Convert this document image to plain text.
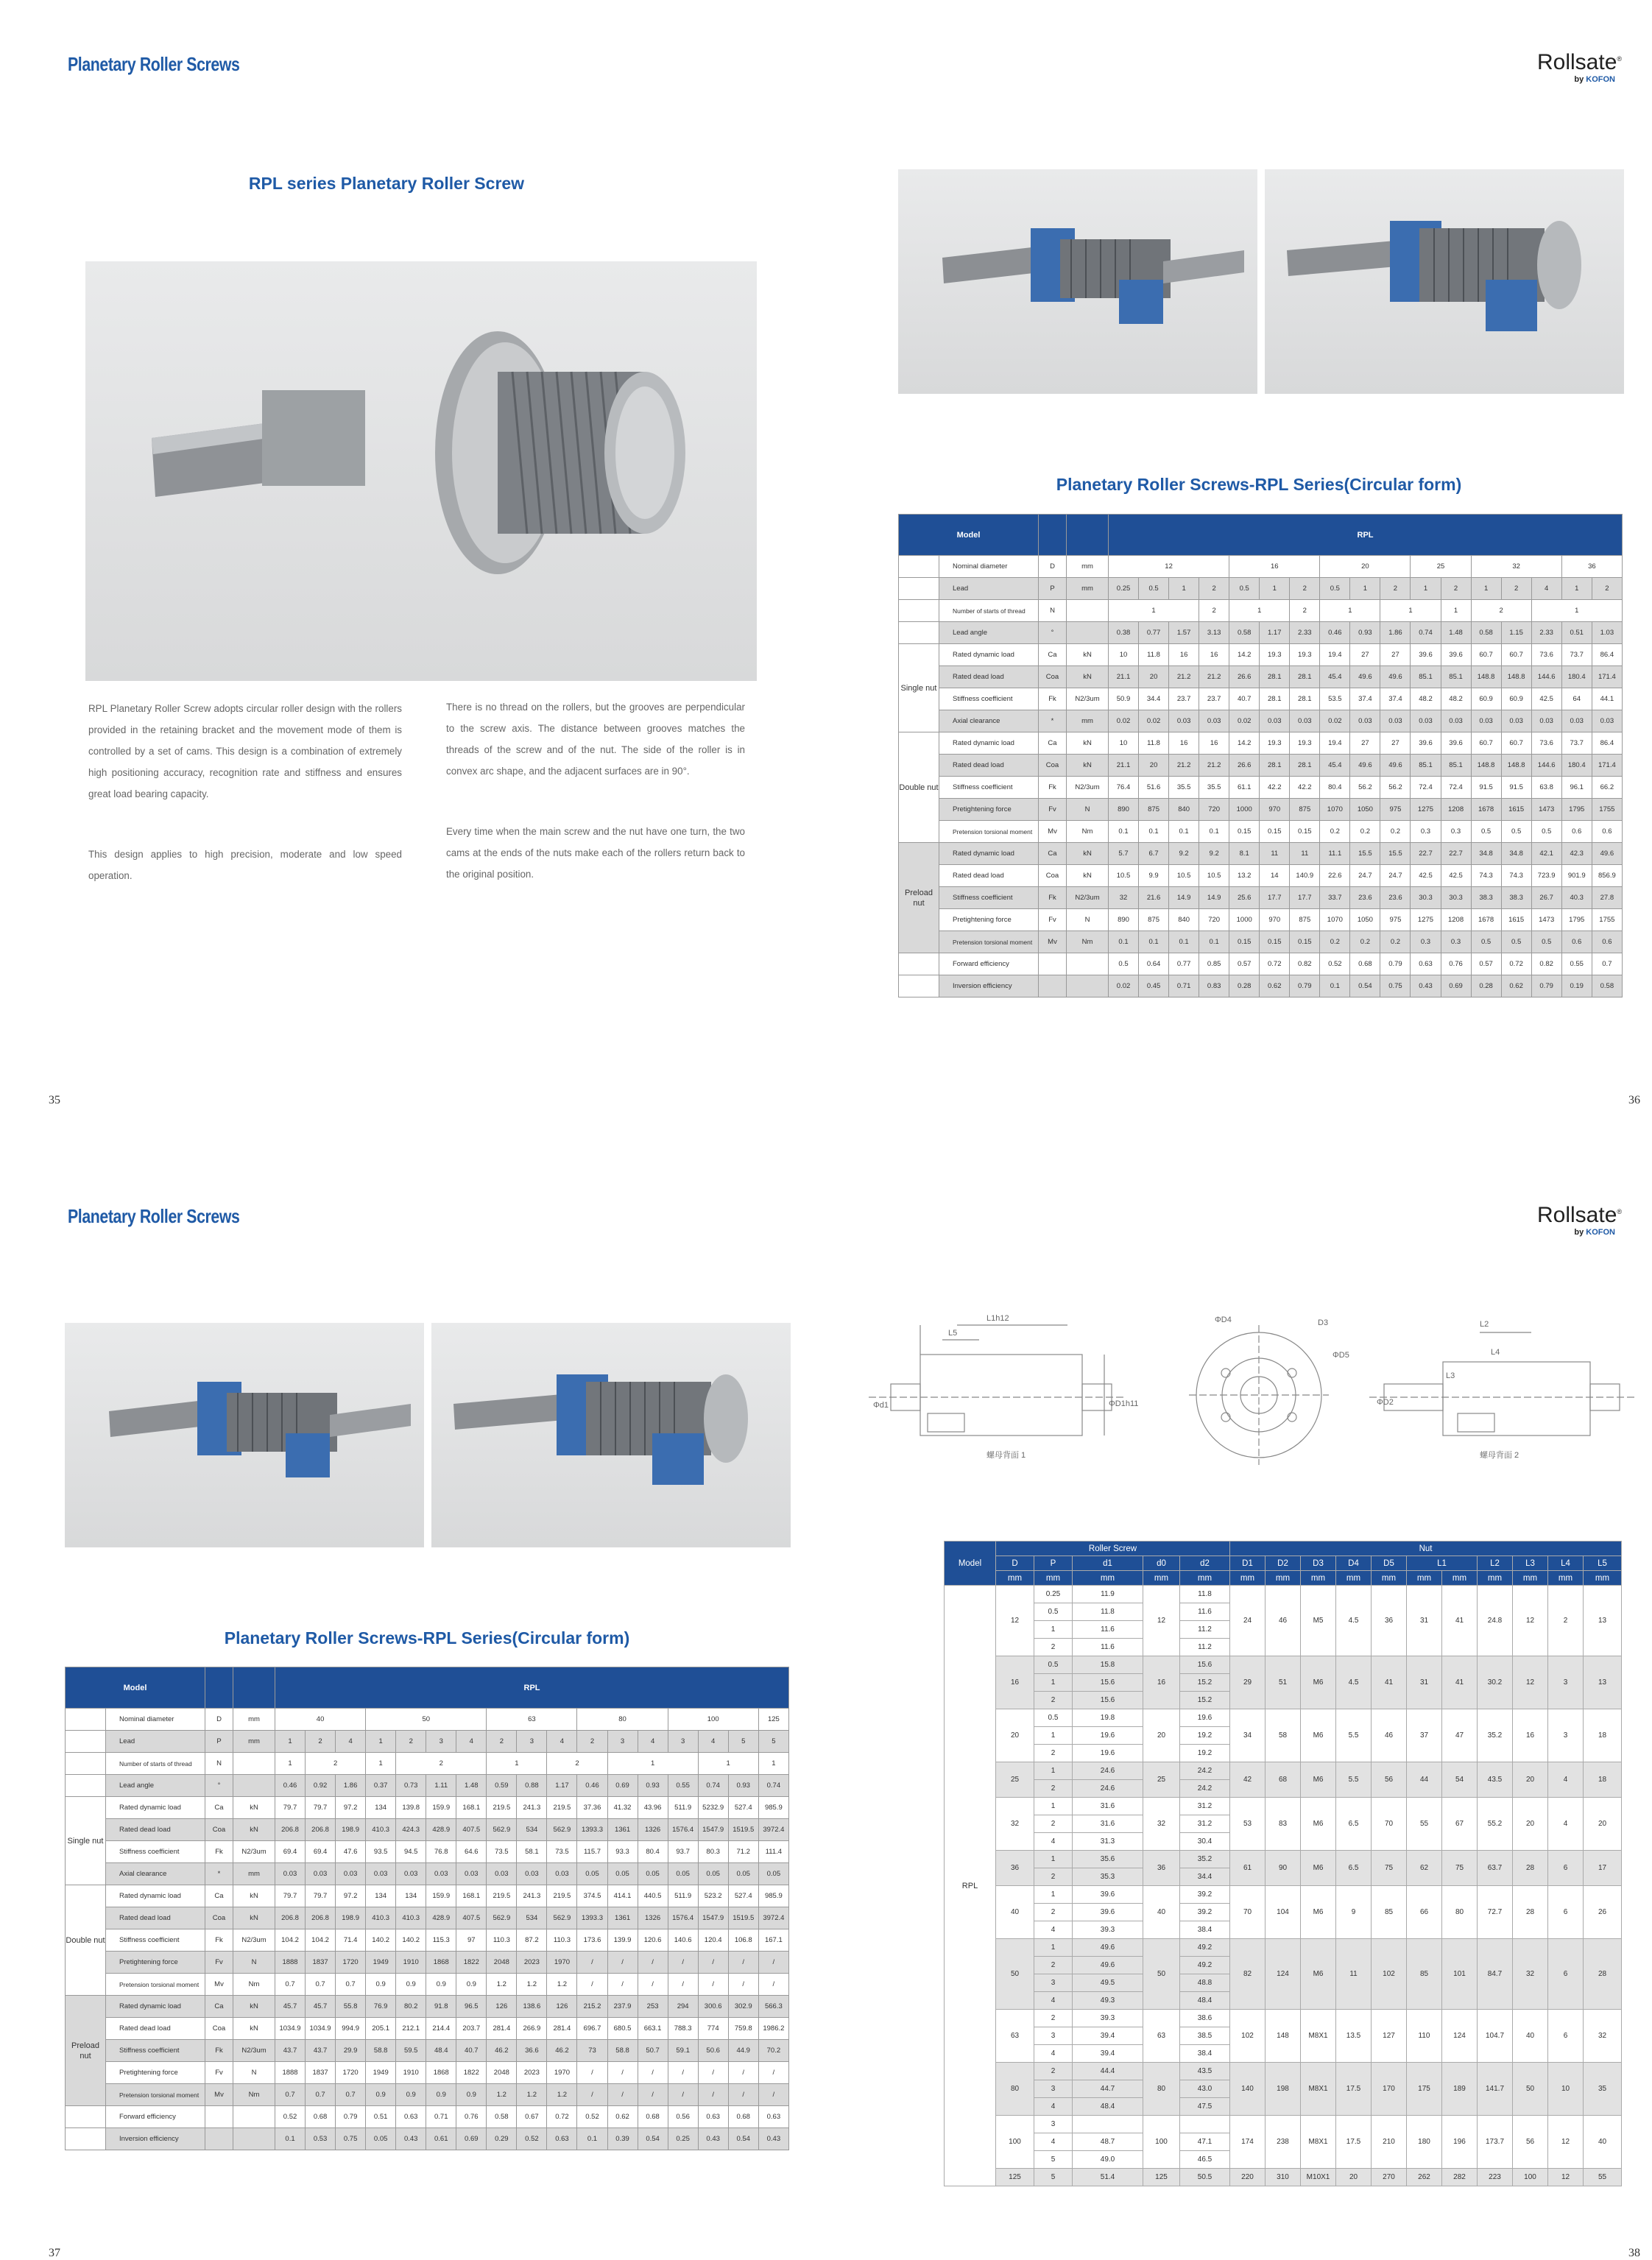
Planetary Roller Screws
RPL series Planetary Roller Screw
RPL Planetary Roller Screw adopts circular roller design with the rollers provided in the retaining bracket and the movement mode of them is controlled by a set of cams. This design is a combination of extremely high positioning accuracy, recognition rate and stiffness and ensures great load bearing capacity.
This design applies to high precision, moderate and low speed operation.
There is no thread on the rollers, but the grooves are perpendicular to the screw axis. The distance between grooves matches the threads of the screw and of the nut. The side of the roller is in convex arc shape, and the adjacent surfaces are in 90°.
Every time when the main screw and the nut have one turn, the two cams at the ends of the nuts make each of the rollers return back to the original position.
35
Rollsate®
by KOFON
Planetary Roller Screws-RPL Series(Circular form)
Model				RPL																
	Nominal diameter	D	mm	12				16			20			25		32			36	
	Lead	P	mm	0.25	0.5	1	2	0.5	1	2	0.5	1	2	1	2	1	2	4	1	2
	Number of starts of thread	N		1			2	1		2	1		1		1	2		1		
	Lead angle	°		0.38	0.77	1.57	3.13	0.58	1.17	2.33	0.46	0.93	1.86	0.74	1.48	0.58	1.15	2.33	0.51	1.03
Single nut	Rated dynamic load	Ca	kN	10	11.8	16	16	14.2	19.3	19.3	19.4	27	27	39.6	39.6	60.7	60.7	73.6	73.7	86.4
	Rated dead load	Coa	kN	21.1	20	21.2	21.2	26.6	28.1	28.1	45.4	49.6	49.6	85.1	85.1	148.8	148.8	144.6	180.4	171.4
	Stiffness coefficient	Fk	N2/3um	50.9	34.4	23.7	23.7	40.7	28.1	28.1	53.5	37.4	37.4	48.2	48.2	60.9	60.9	42.5	64	44.1
	Axial clearance	*	mm	0.02	0.02	0.03	0.03	0.02	0.03	0.03	0.02	0.03	0.03	0.03	0.03	0.03	0.03	0.03	0.03	0.03
Double nut	Rated dynamic load	Ca	kN	10	11.8	16	16	14.2	19.3	19.3	19.4	27	27	39.6	39.6	60.7	60.7	73.6	73.7	86.4
	Rated dead load	Coa	kN	21.1	20	21.2	21.2	26.6	28.1	28.1	45.4	49.6	49.6	85.1	85.1	148.8	148.8	144.6	180.4	171.4
	Stiffness coefficient	Fk	N2/3um	76.4	51.6	35.5	35.5	61.1	42.2	42.2	80.4	56.2	56.2	72.4	72.4	91.5	91.5	63.8	96.1	66.2
	Pretightening force	Fv	N	890	875	840	720	1000	970	875	1070	1050	975	1275	1208	1678	1615	1473	1795	1755
	Pretension torsional moment	Mv	Nm	0.1	0.1	0.1	0.1	0.15	0.15	0.15	0.2	0.2	0.2	0.3	0.3	0.5	0.5	0.5	0.6	0.6
Preload nut	Rated dynamic load	Ca	kN	5.7	6.7	9.2	9.2	8.1	11	11	11.1	15.5	15.5	22.7	22.7	34.8	34.8	42.1	42.3	49.6
	Rated dead load	Coa	kN	10.5	9.9	10.5	10.5	13.2	14	140.9	22.6	24.7	24.7	42.5	42.5	74.3	74.3	723.9	901.9	856.9
	Stiffness coefficient	Fk	N2/3um	32	21.6	14.9	14.9	25.6	17.7	17.7	33.7	23.6	23.6	30.3	30.3	38.3	38.3	26.7	40.3	27.8
	Pretightening force	Fv	N	890	875	840	720	1000	970	875	1070	1050	975	1275	1208	1678	1615	1473	1795	1755
	Pretension torsional moment	Mv	Nm	0.1	0.1	0.1	0.1	0.15	0.15	0.15	0.2	0.2	0.2	0.3	0.3	0.5	0.5	0.5	0.6	0.6
	Forward efficiency			0.5	0.64	0.77	0.85	0.57	0.72	0.82	0.52	0.68	0.79	0.63	0.76	0.57	0.72	0.82	0.55	0.7
	Inversion efficiency			0.02	0.45	0.71	0.83	0.28	0.62	0.79	0.1	0.54	0.75	0.43	0.69	0.28	0.62	0.79	0.19	0.58
36
Planetary Roller Screws
Planetary Roller Screws-RPL Series(Circular form)
Model				RPL																
	Nominal diameter	D	mm	40			50				63			80			100			125
	Lead	P	mm	1	2	4	1	2	3	4	2	3	4	2	3	4	3	4	5	5
	Number of starts of thread	N		1	2		1	2			1		2		1			1		1
	Lead angle	°		0.46	0.92	1.86	0.37	0.73	1.11	1.48	0.59	0.88	1.17	0.46	0.69	0.93	0.55	0.74	0.93	0.74
Single nut	Rated dynamic load	Ca	kN	79.7	79.7	97.2	134	139.8	159.9	168.1	219.5	241.3	219.5	37.36	41.32	43.96	511.9	5232.9	527.4	985.9
	Rated dead load	Coa	kN	206.8	206.8	198.9	410.3	424.3	428.9	407.5	562.9	534	562.9	1393.3	1361	1326	1576.4	1547.9	1519.5	3972.4
	Stiffness coefficient	Fk	N2/3um	69.4	69.4	47.6	93.5	94.5	76.8	64.6	73.5	58.1	73.5	115.7	93.3	80.4	93.7	80.3	71.2	111.4
	Axial clearance	*	mm	0.03	0.03	0.03	0.03	0.03	0.03	0.03	0.03	0.03	0.03	0.05	0.05	0.05	0.05	0.05	0.05	0.05
Double nut	Rated dynamic load	Ca	kN	79.7	79.7	97.2	134	134	159.9	168.1	219.5	241.3	219.5	374.5	414.1	440.5	511.9	523.2	527.4	985.9
	Rated dead load	Coa	kN	206.8	206.8	198.9	410.3	410.3	428.9	407.5	562.9	534	562.9	1393.3	1361	1326	1576.4	1547.9	1519.5	3972.4
	Stiffness coefficient	Fk	N2/3um	104.2	104.2	71.4	140.2	140.2	115.3	97	110.3	87.2	110.3	173.6	139.9	120.6	140.6	120.4	106.8	167.1
	Pretightening force	Fv	N	1888	1837	1720	1949	1910	1868	1822	2048	2023	1970	/	/	/	/	/	/	/
	Pretension torsional moment	Mv	Nm	0.7	0.7	0.7	0.9	0.9	0.9	0.9	1.2	1.2	1.2	/	/	/	/	/	/	/
Preload nut	Rated dynamic load	Ca	kN	45.7	45.7	55.8	76.9	80.2	91.8	96.5	126	138.6	126	215.2	237.9	253	294	300.6	302.9	566.3
	Rated dead load	Coa	kN	1034.9	1034.9	994.9	205.1	212.1	214.4	203.7	281.4	266.9	281.4	696.7	680.5	663.1	788.3	774	759.8	1986.2
	Stiffness coefficient	Fk	N2/3um	43.7	43.7	29.9	58.8	59.5	48.4	40.7	46.2	36.6	46.2	73	58.8	50.7	59.1	50.6	44.9	70.2
	Pretightening force	Fv	N	1888	1837	1720	1949	1910	1868	1822	2048	2023	1970	/	/	/	/	/	/	/
	Pretension torsional moment	Mv	Nm	0.7	0.7	0.7	0.9	0.9	0.9	0.9	1.2	1.2	1.2	/	/	/	/	/	/	/
	Forward efficiency			0.52	0.68	0.79	0.51	0.63	0.71	0.76	0.58	0.67	0.72	0.52	0.62	0.68	0.56	0.63	0.68	0.63
	Inversion efficiency			0.1	0.53	0.75	0.05	0.43	0.61	0.69	0.29	0.52	0.63	0.1	0.39	0.54	0.25	0.43	0.54	0.43
37
Rollsate®
by KOFON
L1h12
L5
Φd1	ΦD1h11
ΦD4	D3
ΦD5
L2
L3
L4
ΦD2
螺母背面 1	螺母背面 2
Model	Roller Screw					Nut										
	D	P	d1	d0	d2	D1	D2	D3	D4	D5	L1		L2	L3	L4	L5
	mm	mm	mm	mm	mm	mm	mm	mm	mm	mm	mm	mm	mm	mm	mm	mm
RPL	12	0.25	11.9	12	11.8	24	46	M5	4.5	36	31	41	24.8	12	2	13
		0.5	11.8		11.6											
		1	11.6		11.2											
		2	11.6		11.2											
	16	0.5	15.8	16	15.6	29	51	M6	4.5	41	31	41	30.2	12	3	13
		1	15.6		15.2											
		2	15.6		15.2											
	20	0.5	19.8	20	19.6	34	58	M6	5.5	46	37	47	35.2	16	3	18
		1	19.6		19.2											
		2	19.6		19.2											
	25	1	24.6	25	24.2	42	68	M6	5.5	56	44	54	43.5	20	4	18
		2	24.6		24.2											
	32	1	31.6	32	31.2	53	83	M6	6.5	70	55	67	55.2	20	4	20
		2	31.6		31.2											
		4	31.3		30.4											
	36	1	35.6	36	35.2	61	90	M6	6.5	75	62	75	63.7	28	6	17
		2	35.3		34.4											
	40	1	39.6	40	39.2	70	104	M6	9	85	66	80	72.7	28	6	26
		2	39.6		39.2											
		4	39.3		38.4											
	50	1	49.6	50	49.2	82	124	M6	11	102	85	101	84.7	32	6	28
		2	49.6		49.2											
		3	49.5		48.8											
		4	49.3		48.4											
	63	2	39.3	63	38.6	102	148	M8X1	13.5	127	110	124	104.7	40	6	32
		3	39.4		38.5											
		4	39.4		38.4											
	80	2	44.4	80	43.5	140	198	M8X1	17.5	170	175	189	141.7	50	10	35
		3	44.7		43.0											
		4	48.4		47.5											
	100	3		100		174	238	M8X1	17.5	210	180	196	173.7	56	12	40
		4	48.7		47.1											
		5	49.0		46.5											
	125	5	51.4	125	50.5	220	310	M10X1	20	270	262	282	223	100	12	55
38
